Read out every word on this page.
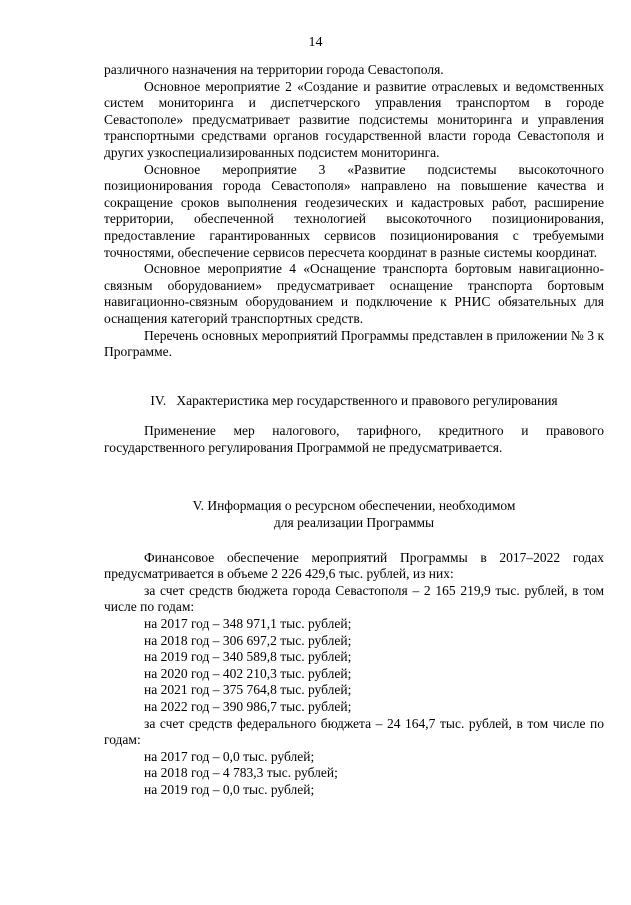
14

различного назначения на территории города Севастополя.

Основное мероприятие 2 «Создание и развитие отраслевых и ведомственных систем мониторинга и диспетчерского управления транспортом в городе Севастополе» предусматривает развитие подсистемы мониторинга и управления транспортными средствами органов государственной власти города Севастополя и других узкоспециализированных подсистем мониторинга.

Основное мероприятие 3 «Развитие подсистемы высокоточного позиционирования города Севастополя» направлено на повышение качества и сокращение сроков выполнения геодезических и кадастровых работ, расширение территории, обеспеченной технологией высокоточного позиционирования, предоставление гарантированных сервисов позиционирования с требуемыми точностями, обеспечение сервисов пересчета координат в разные системы координат.

Основное мероприятие 4 «Оснащение транспорта бортовым навигационно-связным оборудованием» предусматривает оснащение транспорта бортовым навигационно-связным оборудованием и подключение к РНИС обязательных для оснащения категорий транспортных средств.

Перечень основных мероприятий Программы представлен в приложении № 3 к Программе.

IV.   Характеристика мер государственного и правового регулирования

Применение мер налогового, тарифного, кредитного и правового государственного регулирования Программой не предусматривается.

V. Информация о ресурсном обеспечении, необходимом

для реализации Программы

Финансовое обеспечение мероприятий Программы в 2017–2022 годах предусматривается в объеме 2 226 429,6 тыс. рублей, из них:

за счет средств бюджета города Севастополя – 2 165 219,9 тыс. рублей, в том числе по годам:

на 2017 год – 348 971,1 тыс. рублей;

на 2018 год – 306 697,2 тыс. рублей;

на 2019 год – 340 589,8 тыс. рублей;

на 2020 год – 402 210,3 тыс. рублей;

на 2021 год – 375 764,8 тыс. рублей;

на 2022 год – 390 986,7 тыс. рублей;

за счет средств федерального бюджета – 24 164,7 тыс. рублей, в том числе по годам:

на 2017 год – 0,0 тыс. рублей;

на 2018 год – 4 783,3 тыс. рублей;

на 2019 год – 0,0 тыс. рублей;
